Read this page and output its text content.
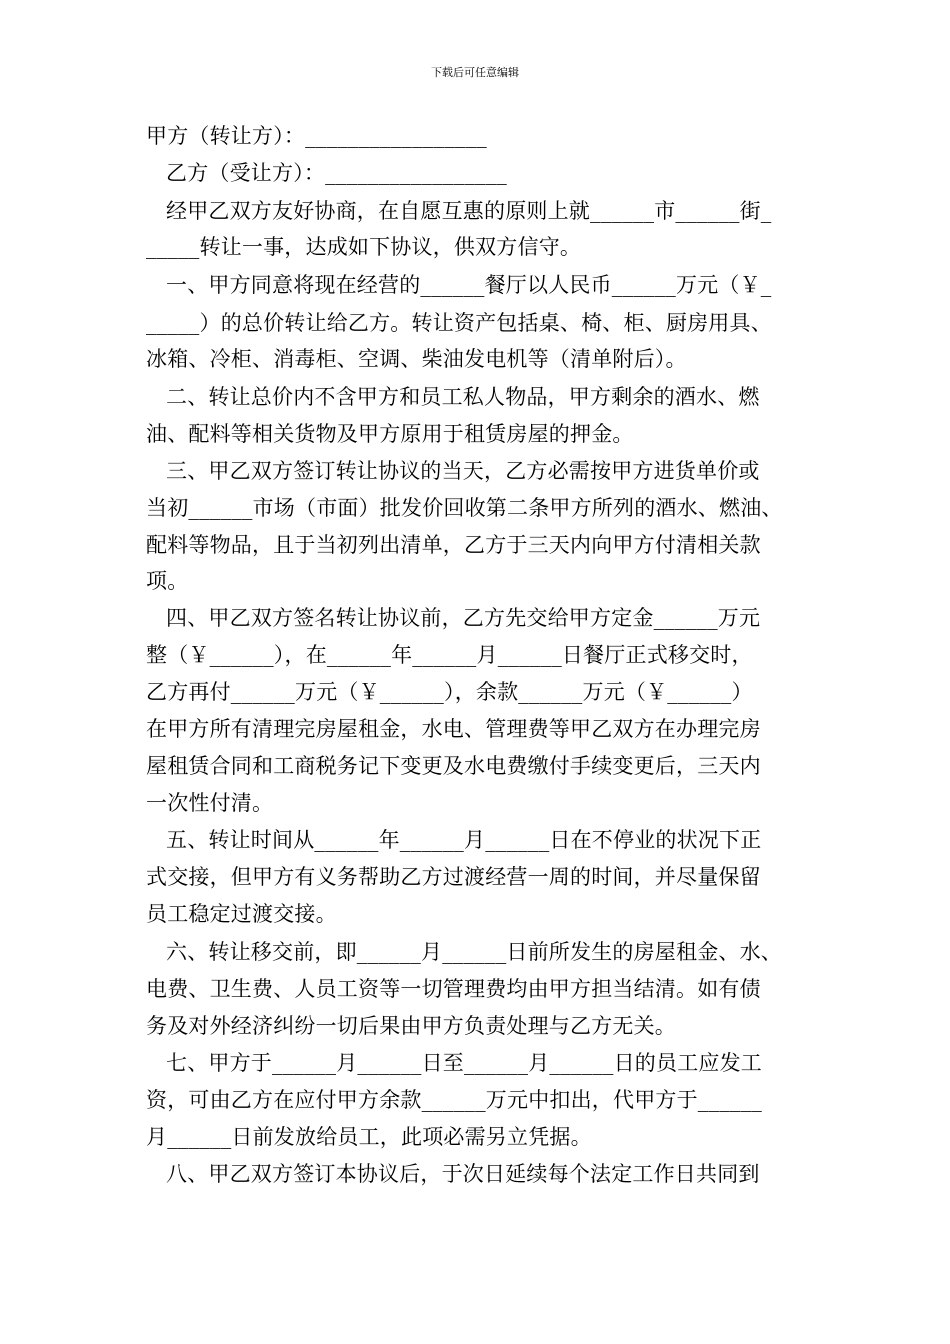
下载后可任意编辑
甲方（转让方）：_________________
乙方（受让方）：_________________
经甲乙双方友好协商，在自愿互惠的原则上就______市______街_
_____转让一事，达成如下协议，供双方信守。
一、甲方同意将现在经营的______餐厅以人民币______万元（￥_
_____）的总价转让给乙方。转让资产包括桌、椅、柜、厨房用具、
冰箱、冷柜、消毒柜、空调、柴油发电机等（清单附后）。
二、转让总价内不含甲方和员工私人物品，甲方剩余的酒水、燃
油、配料等相关货物及甲方原用于租赁房屋的押金。
三、甲乙双方签订转让协议的当天，乙方必需按甲方进货单价或
当初______市场（市面）批发价回收第二条甲方所列的酒水、燃油、
配料等物品，且于当初列出清单，乙方于三天内向甲方付清相关款
项。
四、甲乙双方签名转让协议前，乙方先交给甲方定金______万元
整（￥______），在______年______月______日餐厅正式移交时，
乙方再付______万元（￥______），余款______万元（￥______）
在甲方所有清理完房屋租金，水电、管理费等甲乙双方在办理完房
屋租赁合同和工商税务记下变更及水电费缴付手续变更后，三天内
一次性付清。
五、转让时间从______年______月______日在不停业的状况下正
式交接，但甲方有义务帮助乙方过渡经营一周的时间，并尽量保留
员工稳定过渡交接。
六、转让移交前，即______月______日前所发生的房屋租金、水、
电费、卫生费、人员工资等一切管理费均由甲方担当结清。如有债
务及对外经济纠纷一切后果由甲方负责处理与乙方无关。
七、甲方于______月______日至______月______日的员工应发工
资，可由乙方在应付甲方余款______万元中扣出，代甲方于______
月______日前发放给员工，此项必需另立凭据。
八、甲乙双方签订本协议后，于次日延续每个法定工作日共同到
